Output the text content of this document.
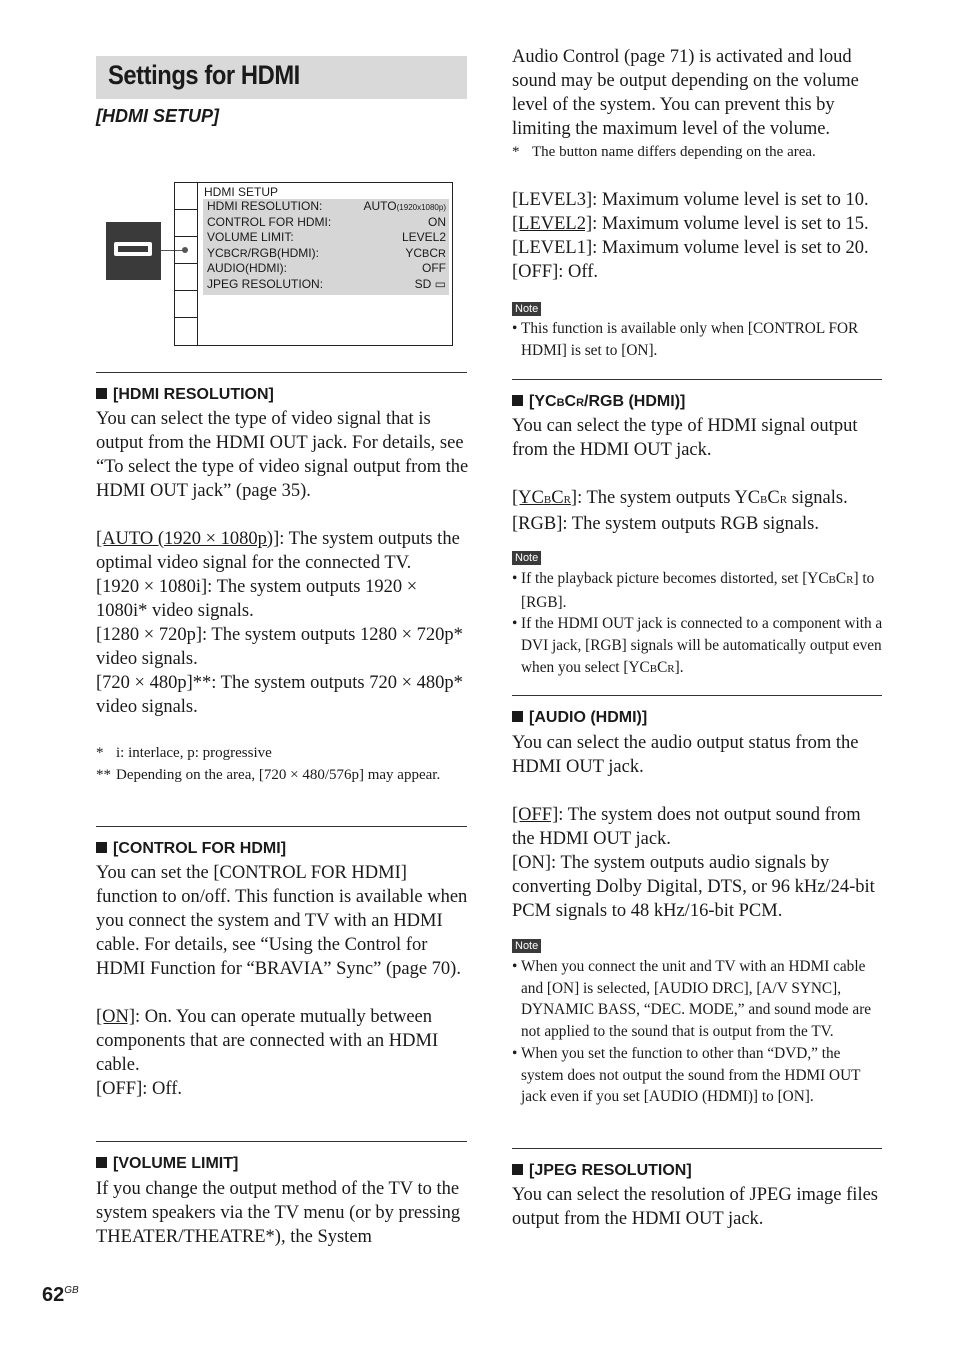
Settings for HDMI
[HDMI SETUP]
HDMI SETUP
HDMI RESOLUTION:	AUTO(1920x1080p)
CONTROL FOR HDMI:	ON
VOLUME LIMIT:	LEVEL2
YCBCR/RGB(HDMI):	YCBCR
AUDIO(HDMI):	OFF
JPEG RESOLUTION:	SD ▭
[HDMI RESOLUTION]

You can select the type of video signal that is output from the HDMI OUT jack. For details, see “To select the type of video signal output from the HDMI OUT jack” (page 35).

[AUTO (1920 × 1080p)]: The system outputs the optimal video signal for the connected TV.

[1920 × 1080i]: The system outputs 1920 × 1080i* video signals.

[1280 × 720p]: The system outputs 1280 × 720p* video signals.

[720 × 480p]**: The system outputs 720 × 480p* video signals.

* i: interlace, p: progressive
** Depending on the area, [720 × 480/576p] may appear.
[CONTROL FOR HDMI]

You can set the [CONTROL FOR HDMI] function to on/off. This function is available when you connect the system and TV with an HDMI cable. For details, see “Using the Control for HDMI Function for “BRAVIA” Sync” (page 70).

[ON]: On. You can operate mutually between components that are connected with an HDMI cable.

[OFF]: Off.

[VOLUME LIMIT]

If you change the output method of the TV to the system speakers via the TV menu (or by pressing THEATER/THEATRE*), the System

Audio Control (page 71) is activated and loud sound may be output depending on the volume level of the system. You can prevent this by limiting the maximum level of the volume.

* The button name differs depending on the area.

[LEVEL3]: Maximum volume level is set to 10.

[LEVEL2]: Maximum volume level is set to 15.

[LEVEL1]: Maximum volume level is set to 20.

[OFF]: Off.

Note
• This function is available only when [CONTROL FOR HDMI] is set to [ON].
[YCBCR/RGB (HDMI)]

You can select the type of HDMI signal output from the HDMI OUT jack.

[YCBCR]: The system outputs YCBCR signals.

[RGB]: The system outputs RGB signals.

Note
• If the playback picture becomes distorted, set [YCBCR] to [RGB].
• If the HDMI OUT jack is connected to a component with a DVI jack, [RGB] signals will be automatically output even when you select [YCBCR].
[AUDIO (HDMI)]

You can select the audio output status from the HDMI OUT jack.

[OFF]: The system does not output sound from the HDMI OUT jack.

[ON]: The system outputs audio signals by converting Dolby Digital, DTS, or 96 kHz/24-bit PCM signals to 48 kHz/16-bit PCM.

Note
• When you connect the unit and TV with an HDMI cable and [ON] is selected, [AUDIO DRC], [A/V SYNC], DYNAMIC BASS, “DEC. MODE,” and sound mode are not applied to the sound that is output from the TV.
• When you set the function to other than “DVD,” the system does not output the sound from the HDMI OUT jack even if you set [AUDIO (HDMI)] to [ON].
[JPEG RESOLUTION]

You can select the resolution of JPEG image files output from the HDMI OUT jack.

$62^{GB}$
